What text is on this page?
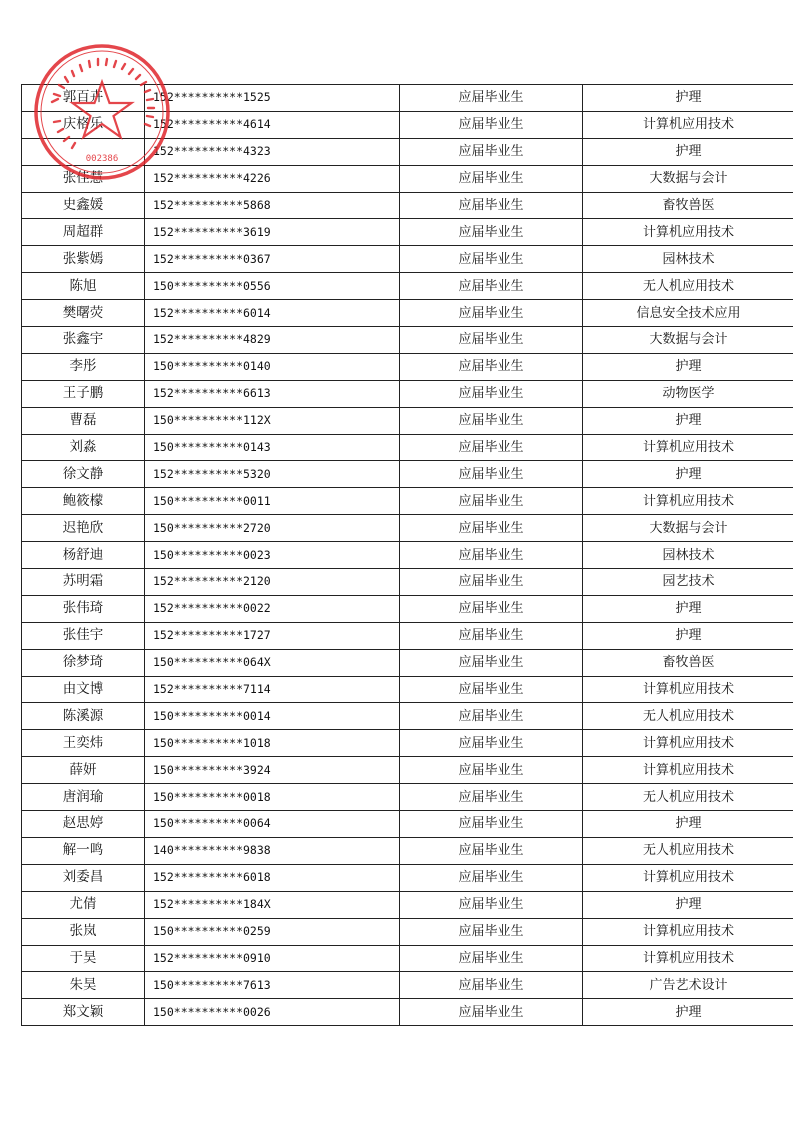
郭百卉	152**********1525	应届毕业生	护理
庆格乐	152**********4614	应届毕业生	计算机应用技术
	152**********4323	应届毕业生	护理
张佳慧	152**********4226	应届毕业生	大数据与会计
史鑫媛	152**********5868	应届毕业生	畜牧兽医
周超群	152**********3619	应届毕业生	计算机应用技术
张紫嫣	152**********0367	应届毕业生	园林技术
陈旭	150**********0556	应届毕业生	无人机应用技术
樊曙荧	152**********6014	应届毕业生	信息安全技术应用
张鑫宇	152**********4829	应届毕业生	大数据与会计
李彤	150**********0140	应届毕业生	护理
王子鹏	152**********6613	应届毕业生	动物医学
曹磊	150**********112X	应届毕业生	护理
刘淼	150**********0143	应届毕业生	计算机应用技术
徐文静	152**********5320	应届毕业生	护理
鲍筱檬	150**********0011	应届毕业生	计算机应用技术
迟艳欣	150**********2720	应届毕业生	大数据与会计
杨舒迪	150**********0023	应届毕业生	园林技术
苏明霜	152**********2120	应届毕业生	园艺技术
张伟琦	152**********0022	应届毕业生	护理
张佳宇	152**********1727	应届毕业生	护理
徐梦琦	150**********064X	应届毕业生	畜牧兽医
由文博	152**********7114	应届毕业生	计算机应用技术
陈溪源	150**********0014	应届毕业生	无人机应用技术
王奕炜	150**********1018	应届毕业生	计算机应用技术
薛妍	150**********3924	应届毕业生	计算机应用技术
唐润瑜	150**********0018	应届毕业生	无人机应用技术
赵思婷	150**********0064	应届毕业生	护理
解一鸣	140**********9838	应届毕业生	无人机应用技术
刘委昌	152**********6018	应届毕业生	计算机应用技术
尤倩	152**********184X	应届毕业生	护理
张岚	150**********0259	应届毕业生	计算机应用技术
于昊	152**********0910	应届毕业生	计算机应用技术
朱昊	150**********7613	应届毕业生	广告艺术设计
郑文颖	150**********0026	应届毕业生	护理
002386
